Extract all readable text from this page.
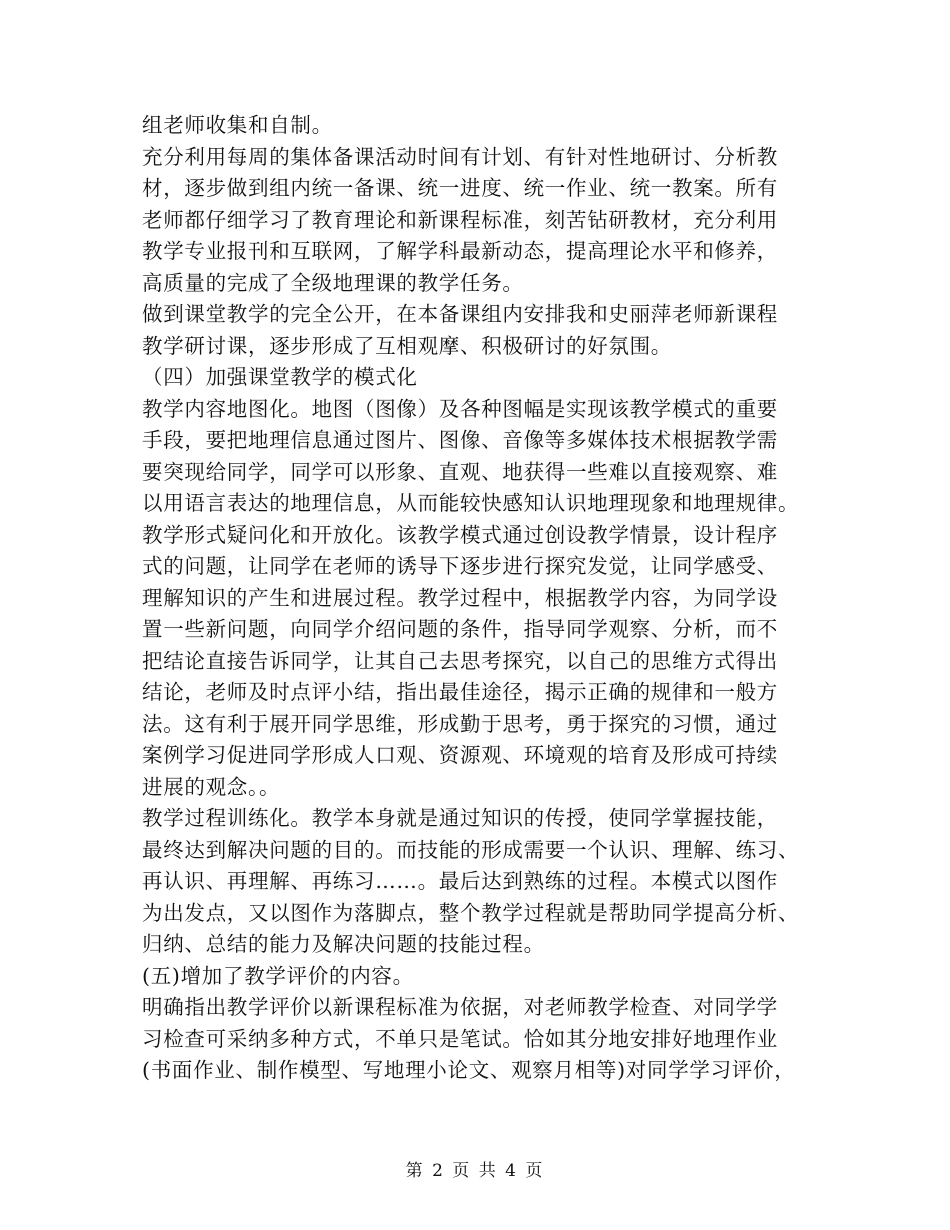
组老师收集和自制。
充分利用每周的集体备课活动时间有计划、有针对性地研讨、分析教
材，逐步做到组内统一备课、统一进度、统一作业、统一教案。所有
老师都仔细学习了教育理论和新课程标准，刻苦钻研教材，充分利用
教学专业报刊和互联网，了解学科最新动态，提高理论水平和修养，
高质量的完成了全级地理课的教学任务。
做到课堂教学的完全公开，在本备课组内安排我和史丽萍老师新课程
教学研讨课，逐步形成了互相观摩、积极研讨的好氛围。
（四）加强课堂教学的模式化
教学内容地图化。地图（图像）及各种图幅是实现该教学模式的重要
手段，要把地理信息通过图片、图像、音像等多媒体技术根据教学需
要突现给同学，同学可以形象、直观、地获得一些难以直接观察、难
以用语言表达的地理信息，从而能较快感知认识地理现象和地理规律。
教学形式疑问化和开放化。该教学模式通过创设教学情景，设计程序
式的问题，让同学在老师的诱导下逐步进行探究发觉，让同学感受、
理解知识的产生和进展过程。教学过程中，根据教学内容，为同学设
置一些新问题，向同学介绍问题的条件，指导同学观察、分析，而不
把结论直接告诉同学，让其自己去思考探究，以自己的思维方式得出
结论，老师及时点评小结，指出最佳途径，揭示正确的规律和一般方
法。这有利于展开同学思维，形成勤于思考，勇于探究的习惯，通过
案例学习促进同学形成人口观、资源观、环境观的培育及形成可持续
进展的观念。。
教学过程训练化。教学本身就是通过知识的传授，使同学掌握技能，
最终达到解决问题的目的。而技能的形成需要一个认识、理解、练习、
再认识、再理解、再练习……。最后达到熟练的过程。本模式以图作
为出发点，又以图作为落脚点，整个教学过程就是帮助同学提高分析、
归纳、总结的能力及解决问题的技能过程。
(五)增加了教学评价的内容。
明确指出教学评价以新课程标准为依据，对老师教学检查、对同学学
习检查可采纳多种方式，不单只是笔试。恰如其分地安排好地理作业
(书面作业、制作模型、写地理小论文、观察月相等)对同学学习评价，
第 2 页 共 4 页
